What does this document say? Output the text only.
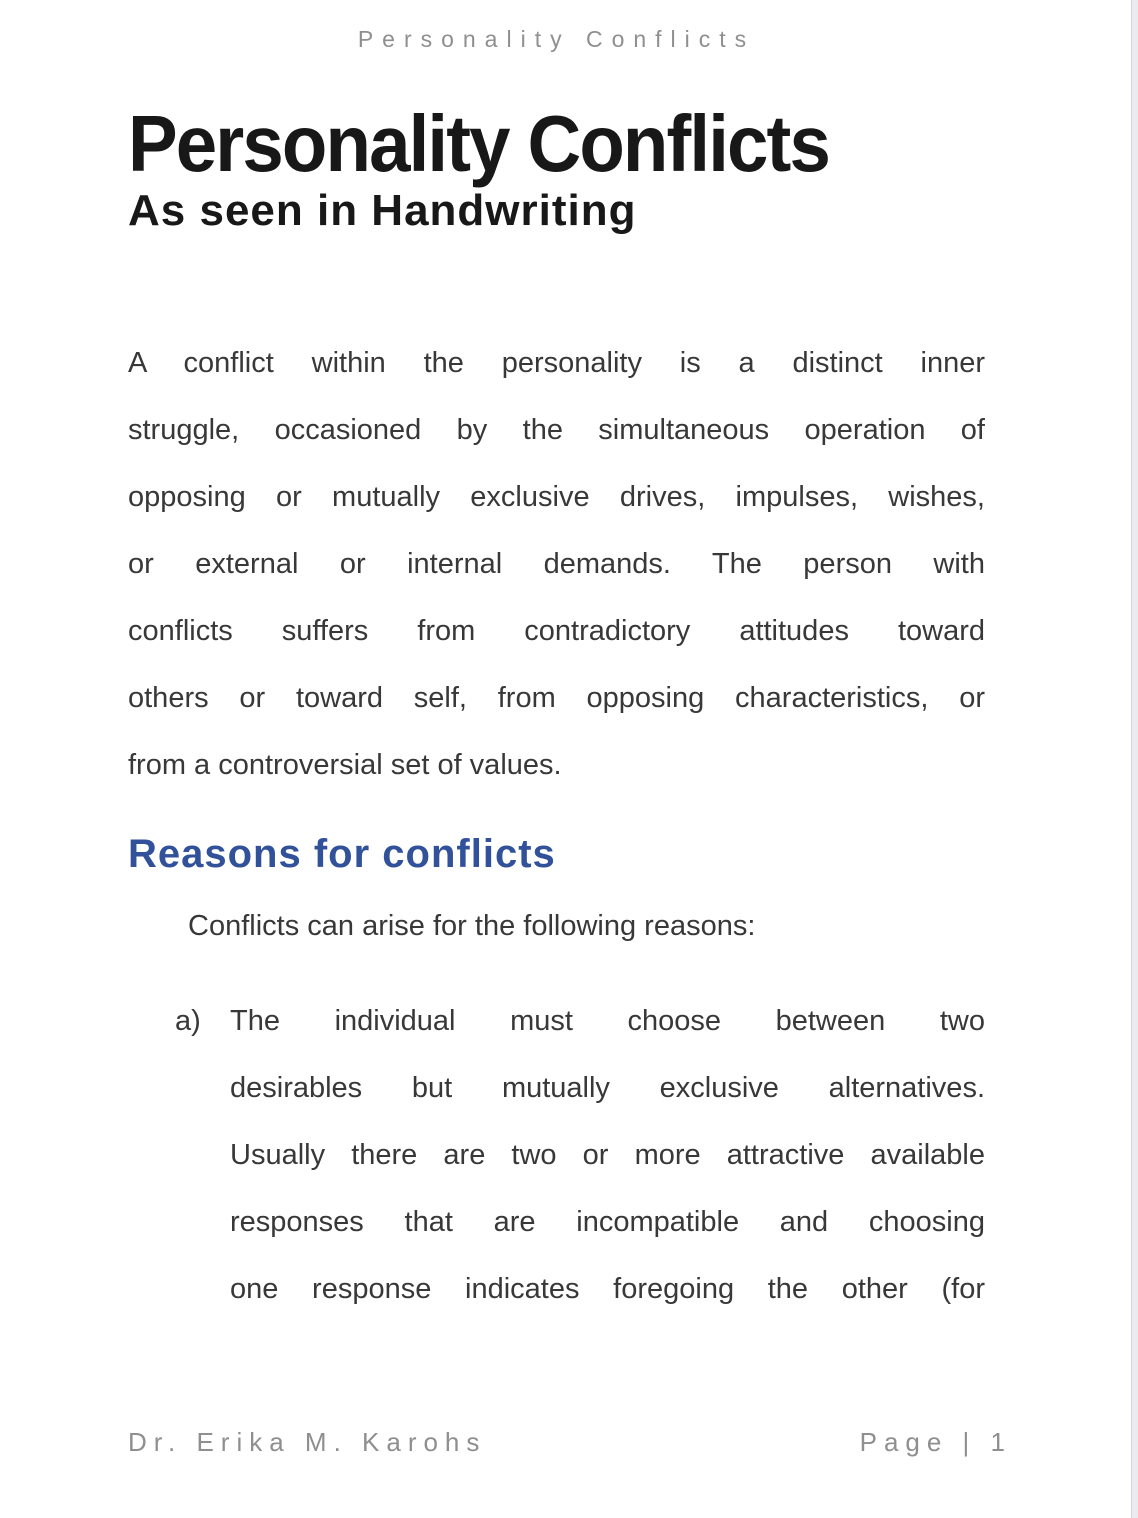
Personality Conflicts
Personality Conflicts
As seen in Handwriting
A conflict within the personality is a distinct inner
struggle, occasioned by the simultaneous operation of
opposing or mutually exclusive drives, impulses, wishes,
or external or internal demands. The person with
conflicts suffers from contradictory attitudes toward
others or toward self, from opposing characteristics, or
from a controversial set of values.
Reasons for conflicts
Conflicts can arise for the following reasons:
a) The individual must choose between two
desirables but mutually exclusive alternatives.
Usually there are two or more attractive available
responses that are incompatible and choosing
one response indicates foregoing the other (for
Dr. Erika M. Karohs	Page | 1
